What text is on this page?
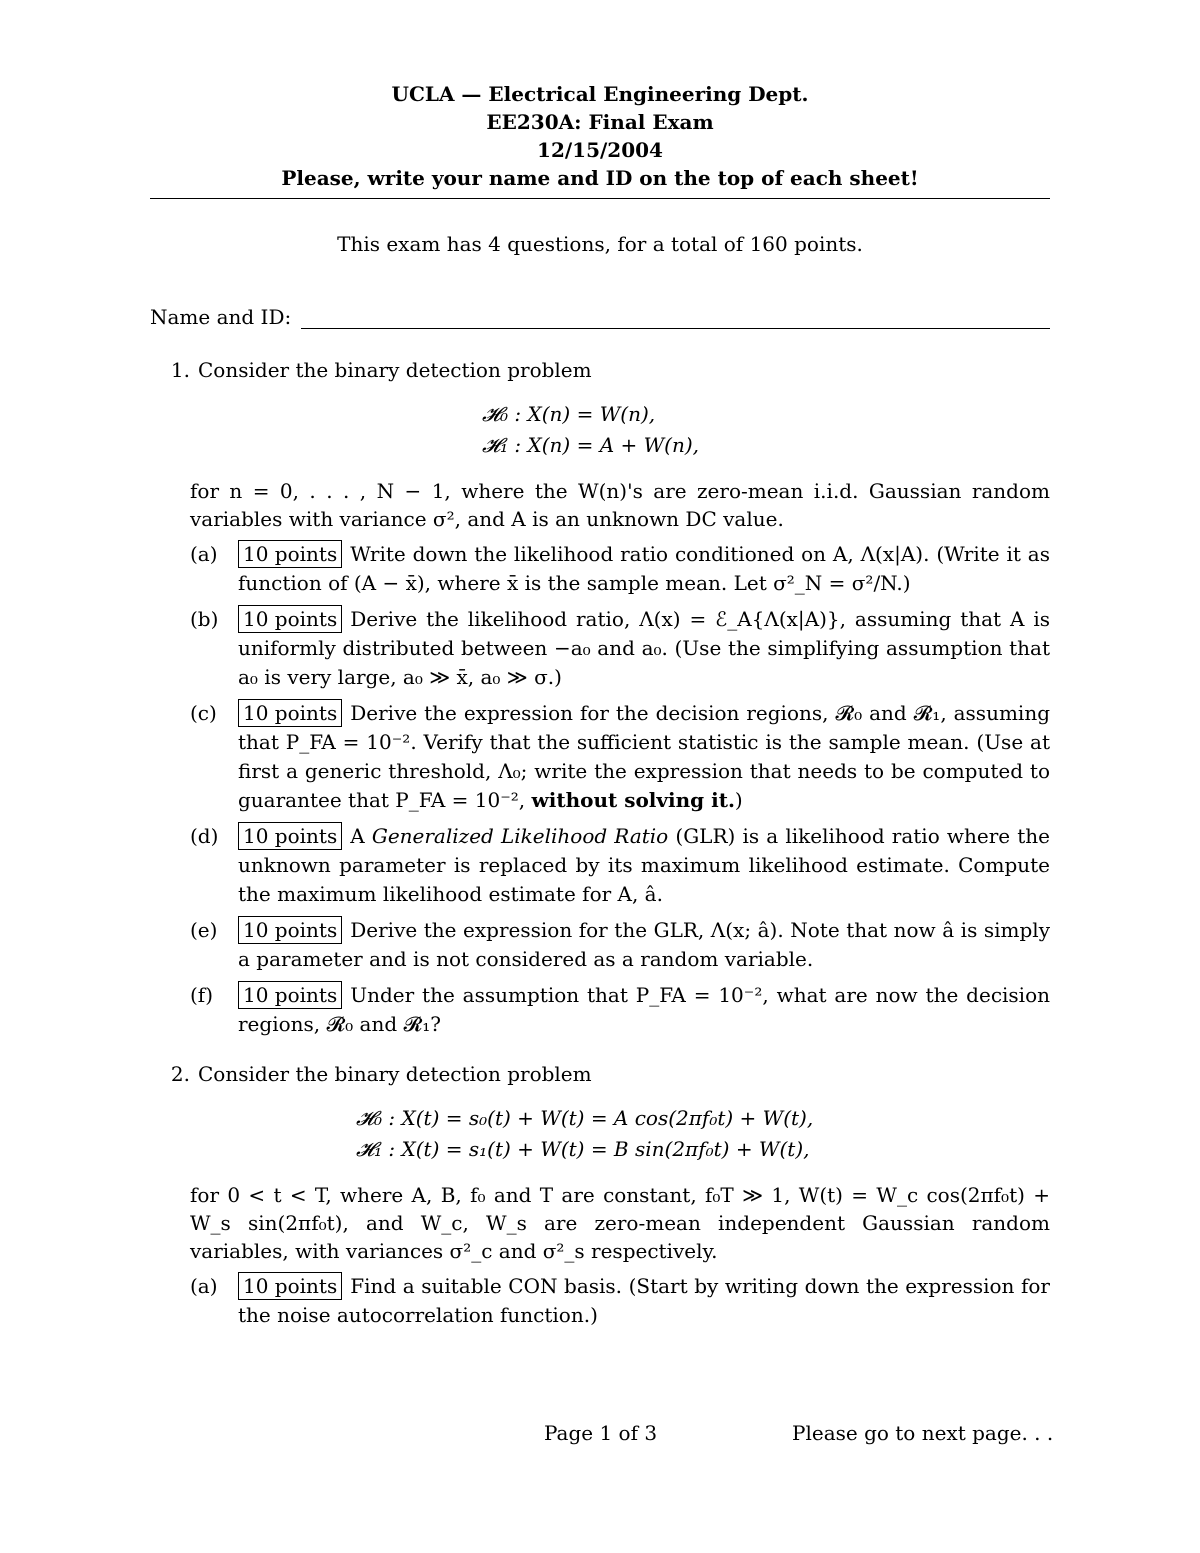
UCLA — Electrical Engineering Dept.
EE230A: Final Exam
12/15/2004
Please, write your name and ID on the top of each sheet!
This exam has 4 questions, for a total of 160 points.
Name and ID:
1. Consider the binary detection problem
𝓗₀ : X(n) = W(n),
𝓗₁ : X(n) = A + W(n),
for n = 0, . . . , N − 1, where the W(n)'s are zero-mean i.i.d. Gaussian random variables with variance σ², and A is an unknown DC value.
(a)	10 points Write down the likelihood ratio conditioned on A, Λ(x|A). (Write it as function of (A − x̄), where x̄ is the sample mean. Let σ²_N = σ²/N.)
(b)	10 points Derive the likelihood ratio, Λ(x) = ℰ_A{Λ(x|A)}, assuming that A is uniformly distributed between −a₀ and a₀. (Use the simplifying assumption that a₀ is very large, a₀ ≫ x̄, a₀ ≫ σ.)
(c)	10 points Derive the expression for the decision regions, 𝓡₀ and 𝓡₁, assuming that P_FA = 10⁻². Verify that the sufficient statistic is the sample mean. (Use at first a generic threshold, Λ₀; write the expression that needs to be computed to guarantee that P_FA = 10⁻², without solving it.)
(d)	10 points A Generalized Likelihood Ratio (GLR) is a likelihood ratio where the unknown parameter is replaced by its maximum likelihood estimate. Compute the maximum likelihood estimate for A, â.
(e)	10 points Derive the expression for the GLR, Λ(x; â). Note that now â is simply a parameter and is not considered as a random variable.
(f)	10 points Under the assumption that P_FA = 10⁻², what are now the decision regions, 𝓡₀ and 𝓡₁?
2. Consider the binary detection problem
𝓗₀ : X(t) = s₀(t) + W(t) = A cos(2πf₀t) + W(t),
𝓗₁ : X(t) = s₁(t) + W(t) = B sin(2πf₀t) + W(t),
for 0 < t < T, where A, B, f₀ and T are constant, f₀T ≫ 1, W(t) = W_c cos(2πf₀t) + W_s sin(2πf₀t), and W_c, W_s are zero-mean independent Gaussian random variables, with variances σ²_c and σ²_s respectively.
(a)	10 points Find a suitable CON basis. (Start by writing down the expression for the noise autocorrelation function.)
Page 1 of 3	Please go to next page. . .
